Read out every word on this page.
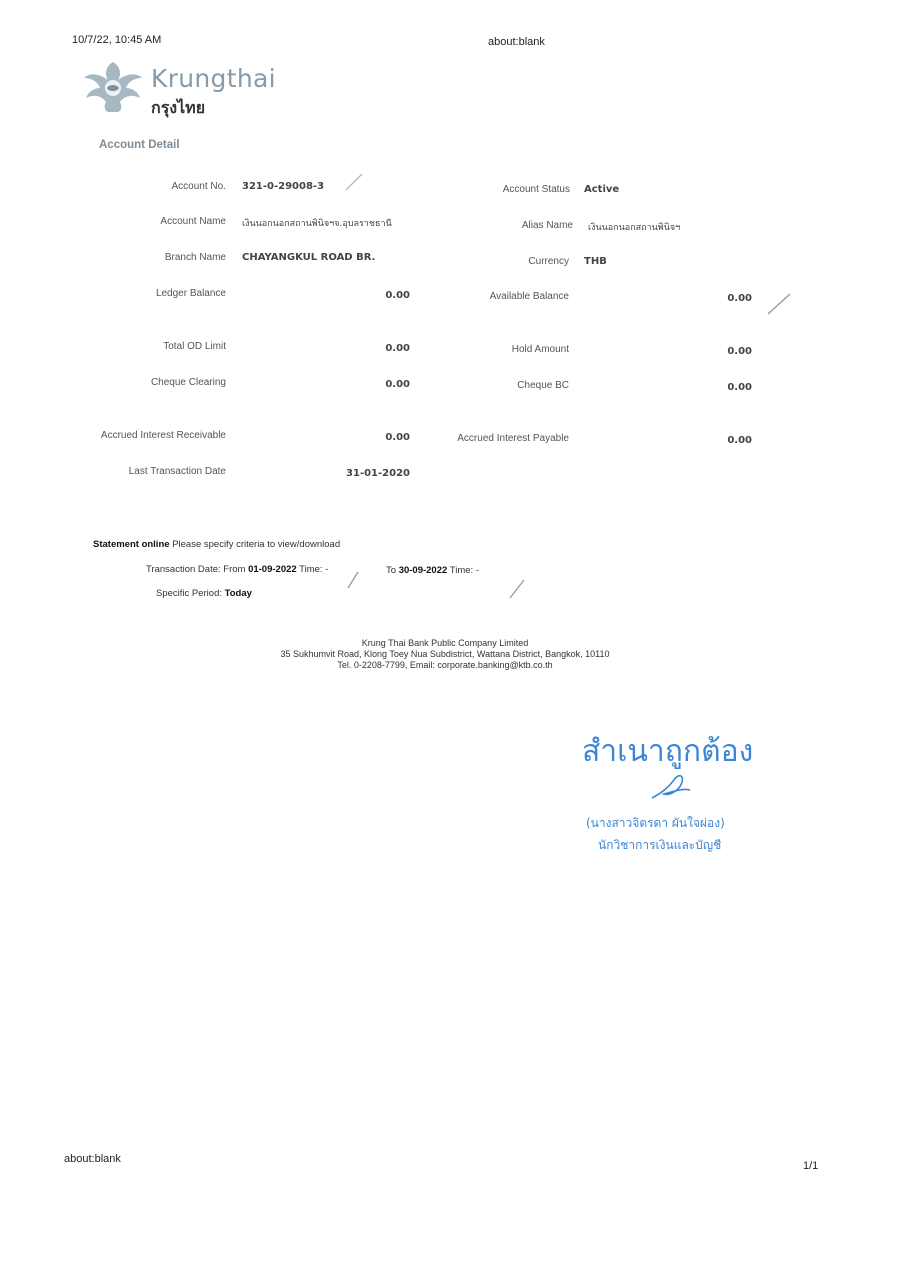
10/7/22, 10:45 AM	about:blank
Krungthai
กรุงไทย
Account Detail
Account No. 321-0-29008-3	Account Status Active
Account Name เงินนอกนอกสถานพินิจฯจ.อุบลราชธานี	Alias Name เงินนอกนอกสถานพินิจฯ
Branch Name CHAYANGKUL ROAD BR.	Currency THB
Ledger Balance	0.00	Available Balance	0.00
Total OD Limit	0.00	Hold Amount	0.00
Cheque Clearing	0.00	Cheque BC	0.00
Accrued Interest Receivable	0.00	Accrued Interest Payable	0.00
Last Transaction Date	31-01-2020
Statement online Please specify criteria to view/download
Transaction Date: From 01-09-2022 Time: -	To 30-09-2022 Time: -
Specific Period: Today
Krung Thai Bank Public Company Limited
35 Sukhumvit Road, Klong Toey Nua Subdistrict, Wattana District, Bangkok, 10110
Tel. 0-2208-7799, Email: corporate.banking@ktb.co.th
สำเนาถูกต้อง
(นางสาวจิตรดา ผันใจผ่อง)
นักวิชาการเงินและบัญชี
about:blank
1/1
